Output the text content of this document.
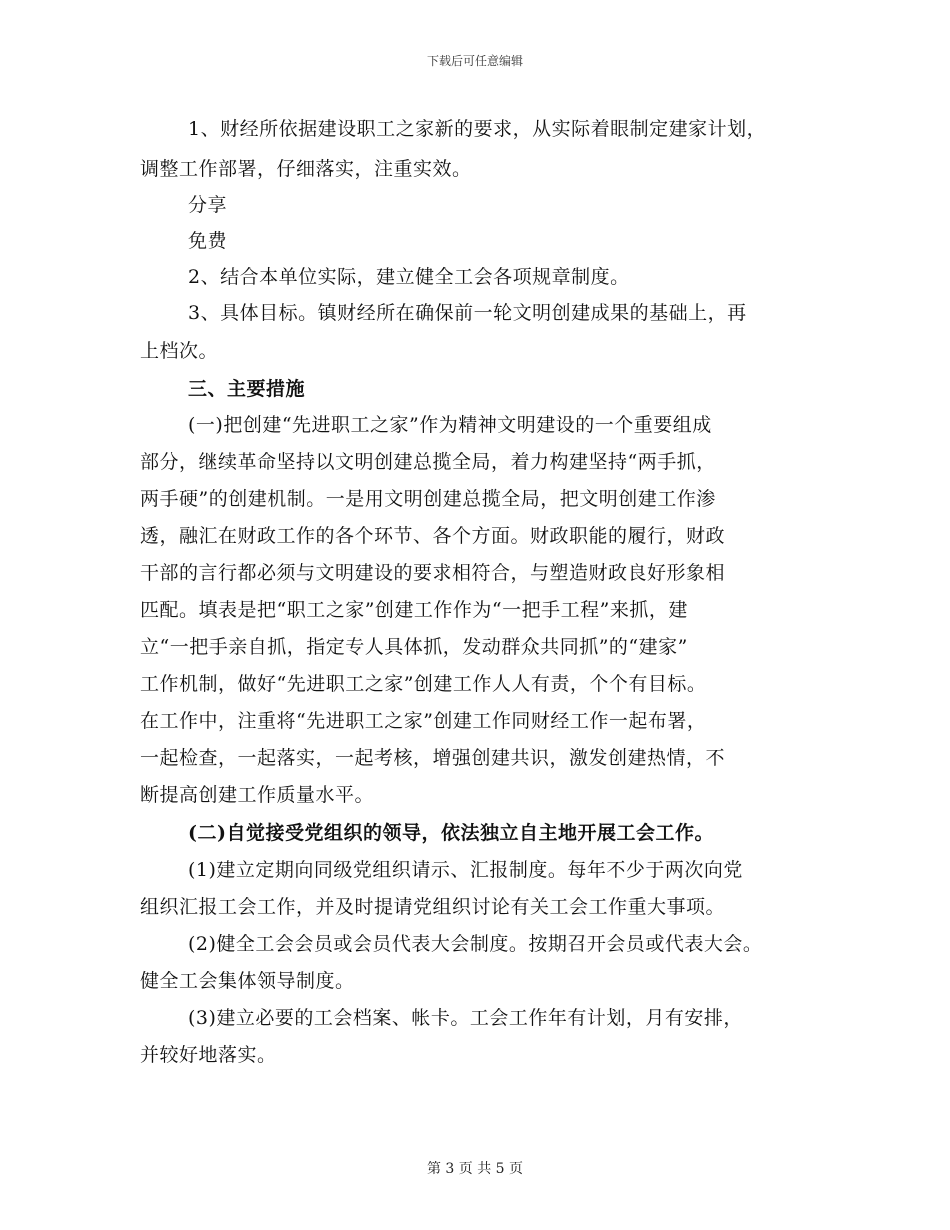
下载后可任意编辑
1、财经所依据建设职工之家新的要求，从实际着眼制定建家计划，
调整工作部署，仔细落实，注重实效。
分享
免费
2、结合本单位实际，建立健全工会各项规章制度。
3、具体目标。镇财经所在确保前一轮文明创建成果的基础上，再
上档次。
三、主要措施
(一)把创建“先进职工之家”作为精神文明建设的一个重要组成
部分，继续革命坚持以文明创建总揽全局，着力构建坚持“两手抓，
两手硬”的创建机制。一是用文明创建总揽全局，把文明创建工作渗
透，融汇在财政工作的各个环节、各个方面。财政职能的履行，财政
干部的言行都必须与文明建设的要求相符合，与塑造财政良好形象相
匹配。填表是把“职工之家”创建工作作为“一把手工程”来抓，建
立“一把手亲自抓，指定专人具体抓，发动群众共同抓”的“建家”
工作机制，做好“先进职工之家”创建工作人人有责，个个有目标。
在工作中，注重将“先进职工之家”创建工作同财经工作一起布署，
一起检查，一起落实，一起考核，增强创建共识，激发创建热情，不
断提高创建工作质量水平。
(二)自觉接受党组织的领导，依法独立自主地开展工会工作。
(1)建立定期向同级党组织请示、汇报制度。每年不少于两次向党
组织汇报工会工作，并及时提请党组织讨论有关工会工作重大事项。
(2)健全工会会员或会员代表大会制度。按期召开会员或代表大会。
健全工会集体领导制度。
(3)建立必要的工会档案、帐卡。工会工作年有计划，月有安排，
并较好地落实。
第 3 页 共 5 页
